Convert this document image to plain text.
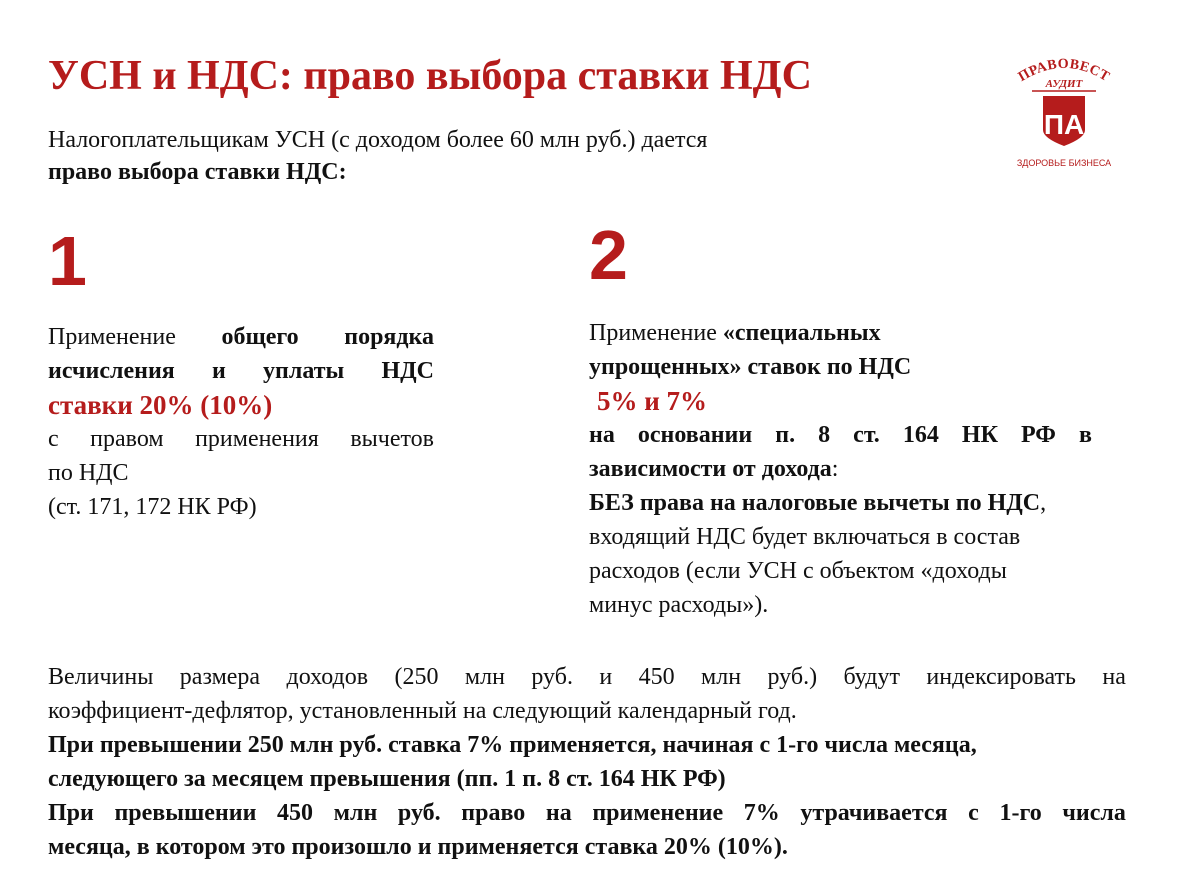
УСН и НДС: право выбора ставки НДС
Налогоплательщикам УСН (с доходом более 60 млн руб.) дается
право выбора ставки НДС:
1	2
Применение общего порядка
исчисления и уплаты НДС
ставки 20% (10%)
с правом применения вычетов
по НДС
(ст. 171, 172 НК РФ)
Применение «специальных
упрощенных» ставок по НДС
5% и 7%
на основании п. 8 ст. 164 НК РФ в
зависимости от дохода:
БЕЗ права на налоговые вычеты по НДС,
входящий НДС будет включаться в состав
расходов (если УСН с объектом «доходы
минус расходы»).
Величины размера доходов (250 млн руб. и 450 млн руб.) будут индексировать на
коэффициент-дефлятор, установленный на следующий календарный год.
При превышении 250 млн руб. ставка 7% применяется, начиная с 1-го числа месяца,
следующего за месяцем превышения (пп. 1 п. 8 ст. 164 НК РФ)
При превышении 450 млн руб. право на применение 7% утрачивается с 1-го числа
месяца, в котором это произошло и применяется ставка 20% (10%).
ПРАВОВЕСТ
АУДИТ
ПА
ЗДОРОВЬЕ БИЗНЕСА
